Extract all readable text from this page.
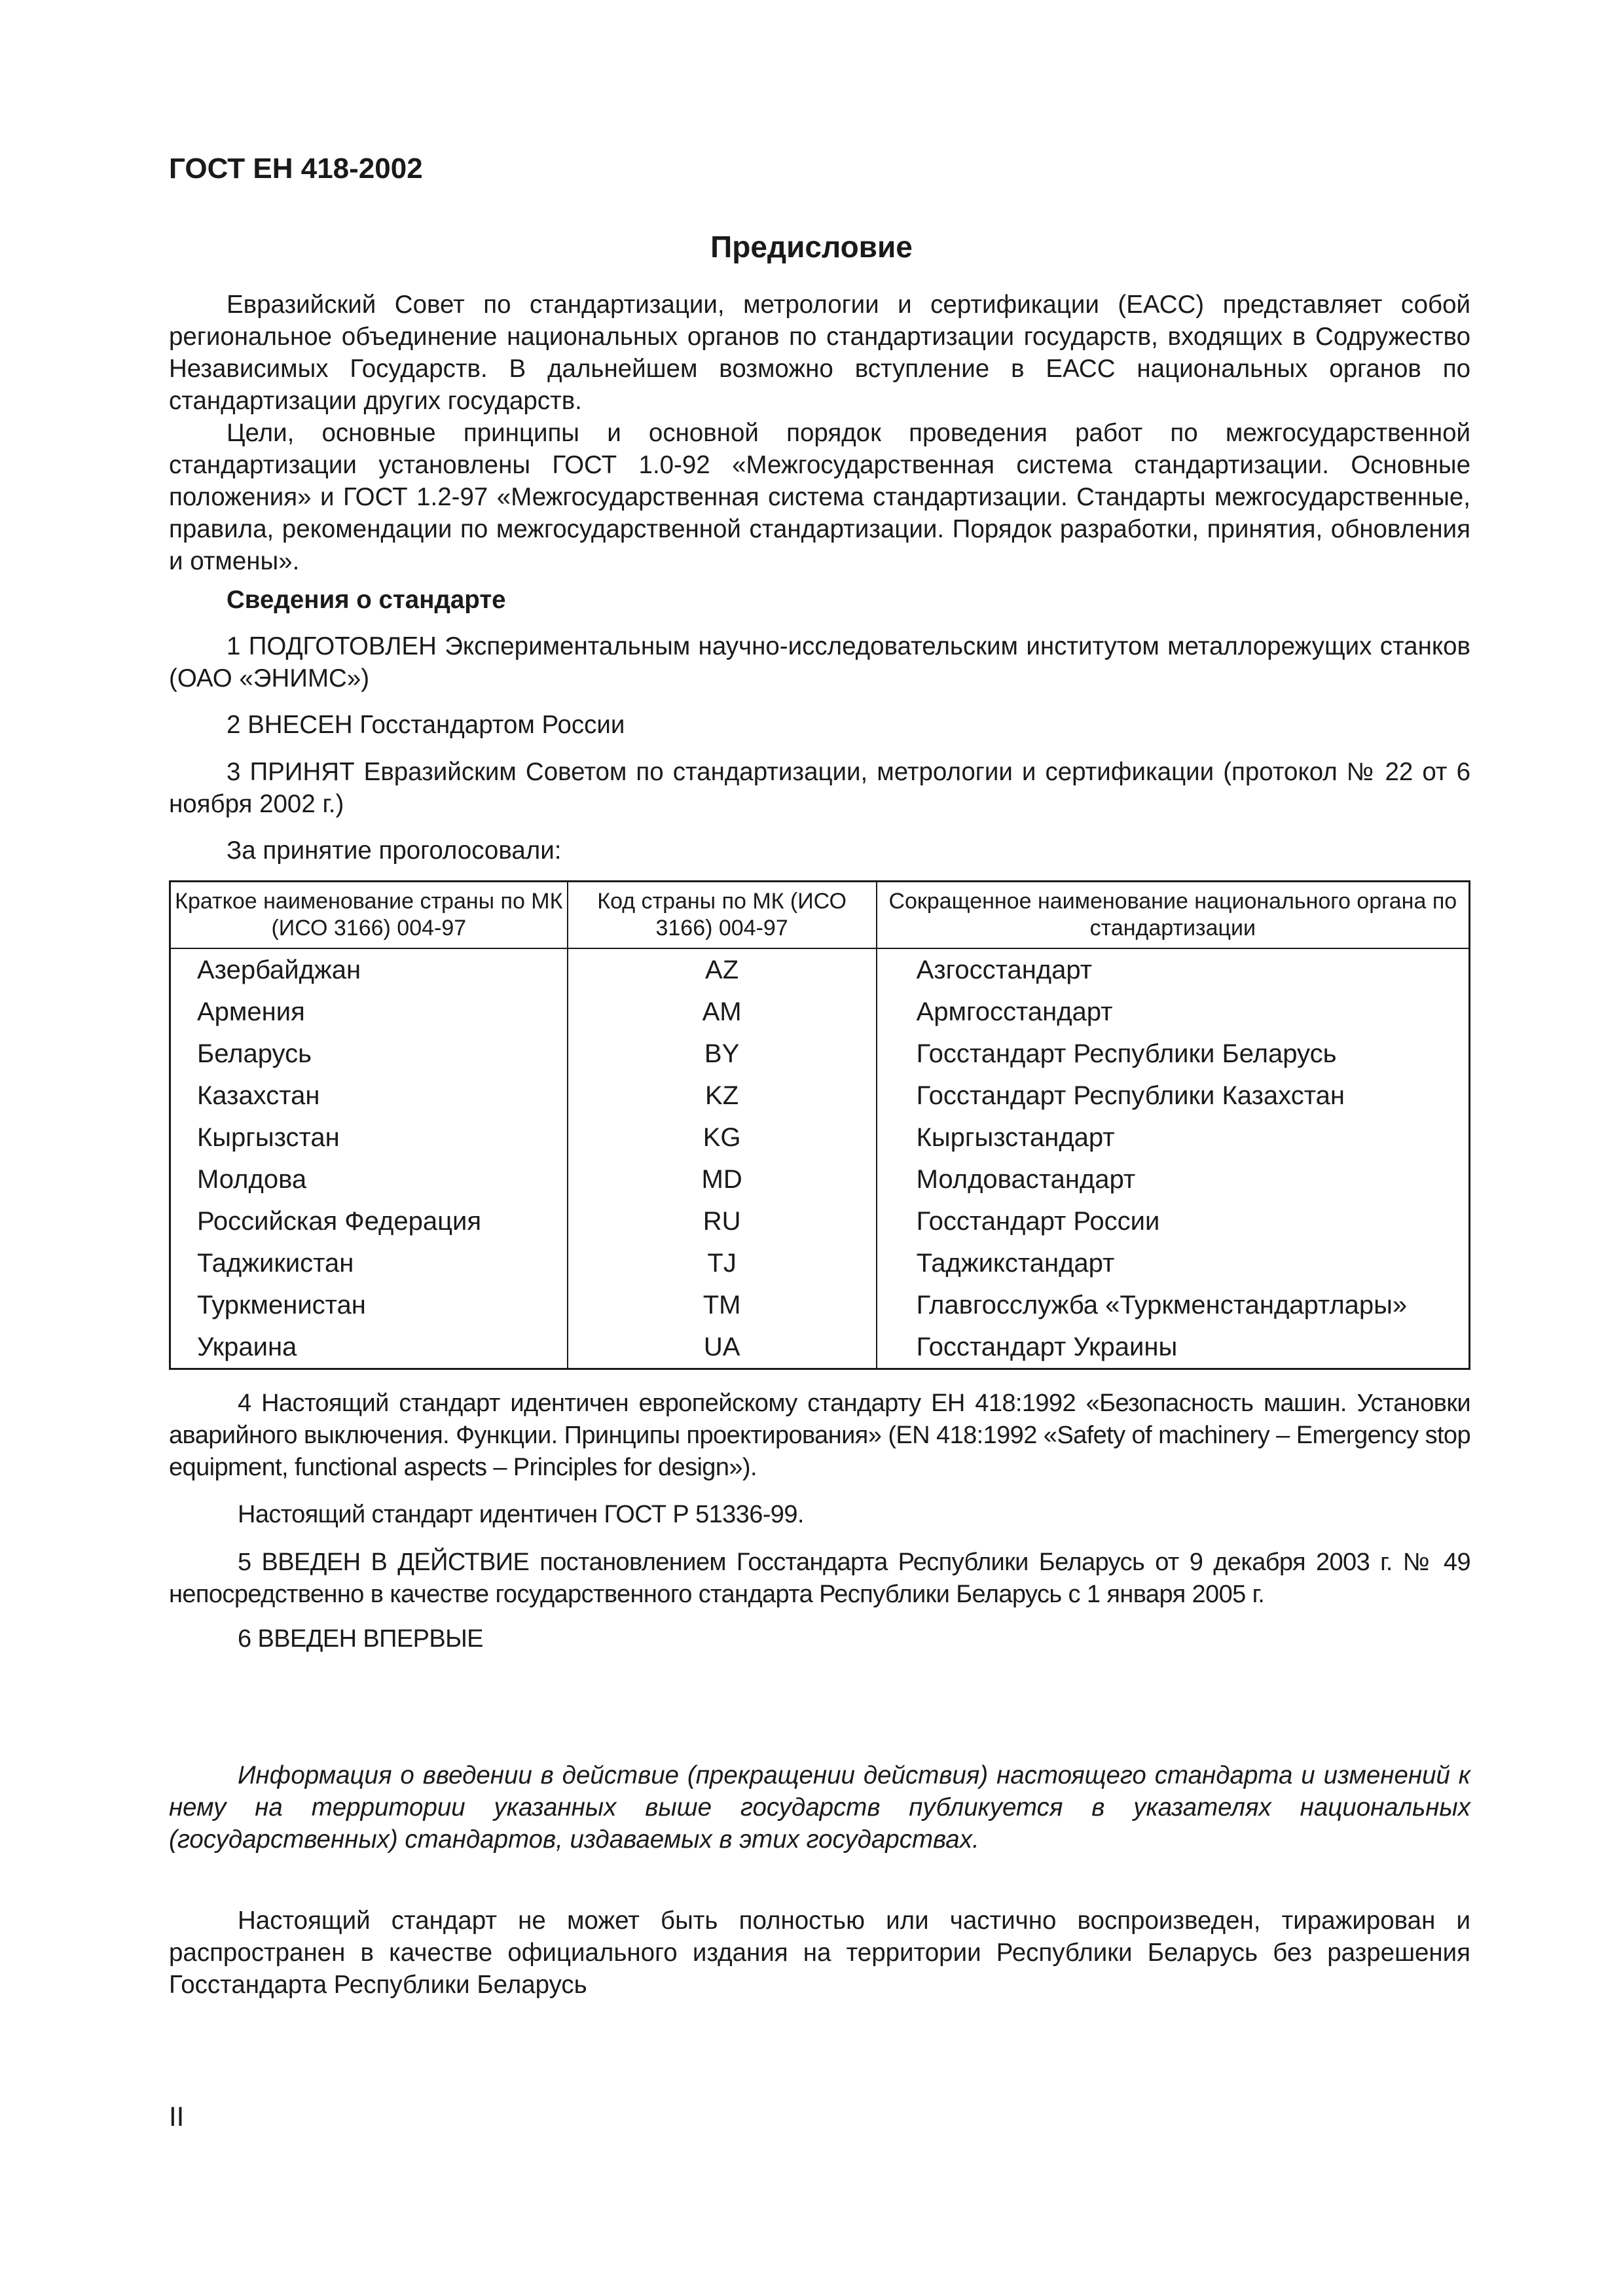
ГОСТ ЕН 418-2002
Предисловие
Евразийский Совет по стандартизации, метрологии и сертификации (ЕАСС) представляет собой региональное объединение национальных органов по стандартизации государств, входящих в Содружество Независимых Государств. В дальнейшем возможно вступление в ЕАСС национальных органов по стандартизации других государств.
Цели, основные принципы и основной порядок проведения работ по межгосударственной стандартизации установлены ГОСТ 1.0-92 «Межгосударственная система стандартизации. Основные положения» и ГОСТ 1.2-97 «Межгосударственная система стандартизации. Стандарты межгосударственные, правила, рекомендации по межгосударственной стандартизации. Порядок разработки, принятия, обновления и отмены».
Сведения о стандарте
1 ПОДГОТОВЛЕН Экспериментальным научно-исследовательским институтом металлорежущих станков (ОАО «ЭНИМС»)
2 ВНЕСЕН Госстандартом России
3 ПРИНЯТ Евразийским Советом по стандартизации, метрологии и сертификации (протокол № 22 от 6 ноября 2002 г.)
За принятие проголосовали:
Краткое наименование страны по МК (ИСО 3166) 004-97	Код страны по МК (ИСО 3166) 004-97	Сокращенное наименование национального органа по стандартизации
Азербайджан	AZ	Азгосстандарт
Армения	AM	Армгосстандарт
Беларусь	BY	Госстандарт Республики Беларусь
Казахстан	KZ	Госстандарт Республики Казахстан
Кыргызстан	KG	Кыргызстандарт
Молдова	MD	Молдовастандарт
Российская Федерация	RU	Госстандарт России
Таджикистан	TJ	Таджикстандарт
Туркменистан	TM	Главгосслужба «Туркменстандартлары»
Украина	UA	Госстандарт Украины
4 Настоящий стандарт идентичен европейскому стандарту ЕН 418:1992 «Безопасность машин. Установки аварийного выключения. Функции. Принципы проектирования» (EN 418:1992 «Safety of machinery – Emergency stop equipment, functional aspects – Principles for design»).
Настоящий стандарт идентичен ГОСТ Р 51336-99.
5 ВВЕДЕН В ДЕЙСТВИЕ постановлением Госстандарта Республики Беларусь от 9 декабря 2003 г. № 49 непосредственно в качестве государственного стандарта Республики Беларусь с 1 января 2005 г.
6 ВВЕДЕН ВПЕРВЫЕ
Информация о введении в действие (прекращении действия) настоящего стандарта и изменений к нему на территории указанных выше государств публикуется в указателях национальных (государственных) стандартов, издаваемых в этих государствах.
Настоящий стандарт не может быть полностью или частично воспроизведен, тиражирован и распространен в качестве официального издания на территории Республики Беларусь без разрешения Госстандарта Республики Беларусь
II
